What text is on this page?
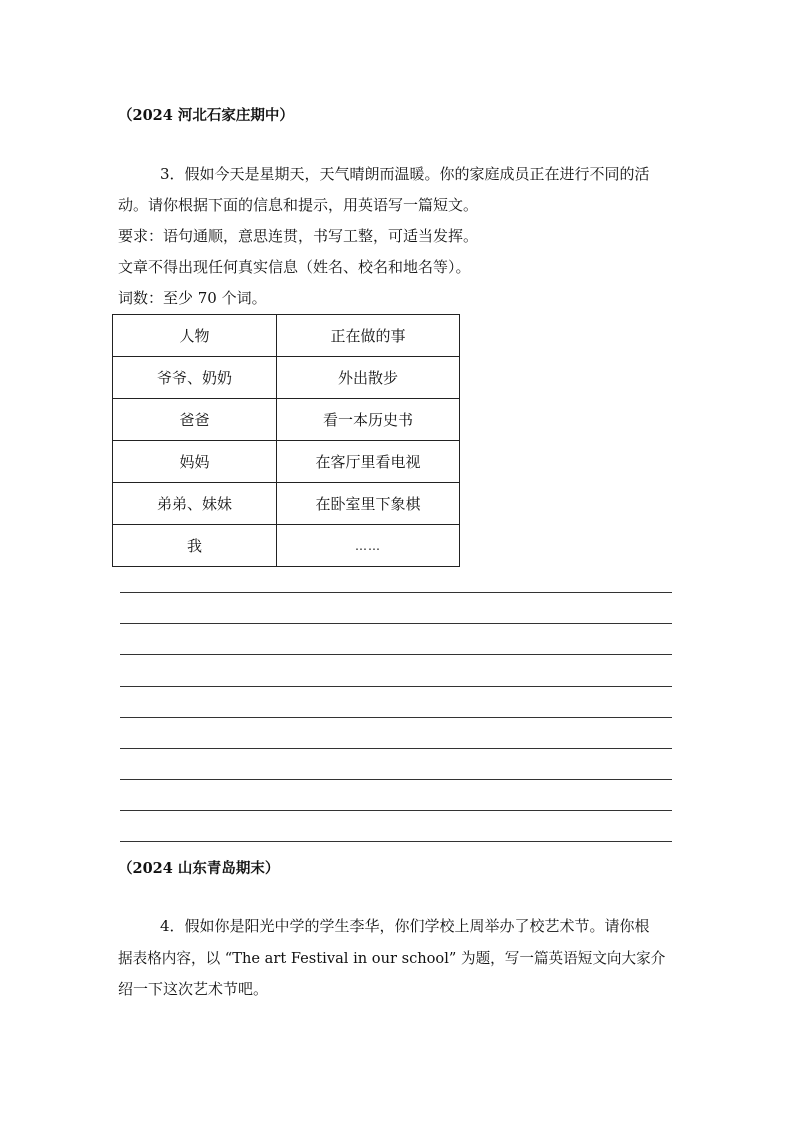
（2024 河北石家庄期中）
3．假如今天是星期天，天气晴朗而温暖。你的家庭成员正在进行不同的活
动。请你根据下面的信息和提示，用英语写一篇短文。
要求：语句通顺，意思连贯，书写工整，可适当发挥。
文章不得出现任何真实信息（姓名、校名和地名等）。
词数：至少 70 个词。
人物	正在做的事
爷爷、奶奶	外出散步
爸爸	看一本历史书
妈妈	在客厅里看电视
弟弟、妹妹	在卧室里下象棋
我	……
（2024 山东青岛期末）
4．假如你是阳光中学的学生李华，你们学校上周举办了校艺术节。请你根
据表格内容，以 “The art Festival in our school” 为题，写一篇英语短文向大家介
绍一下这次艺术节吧。
